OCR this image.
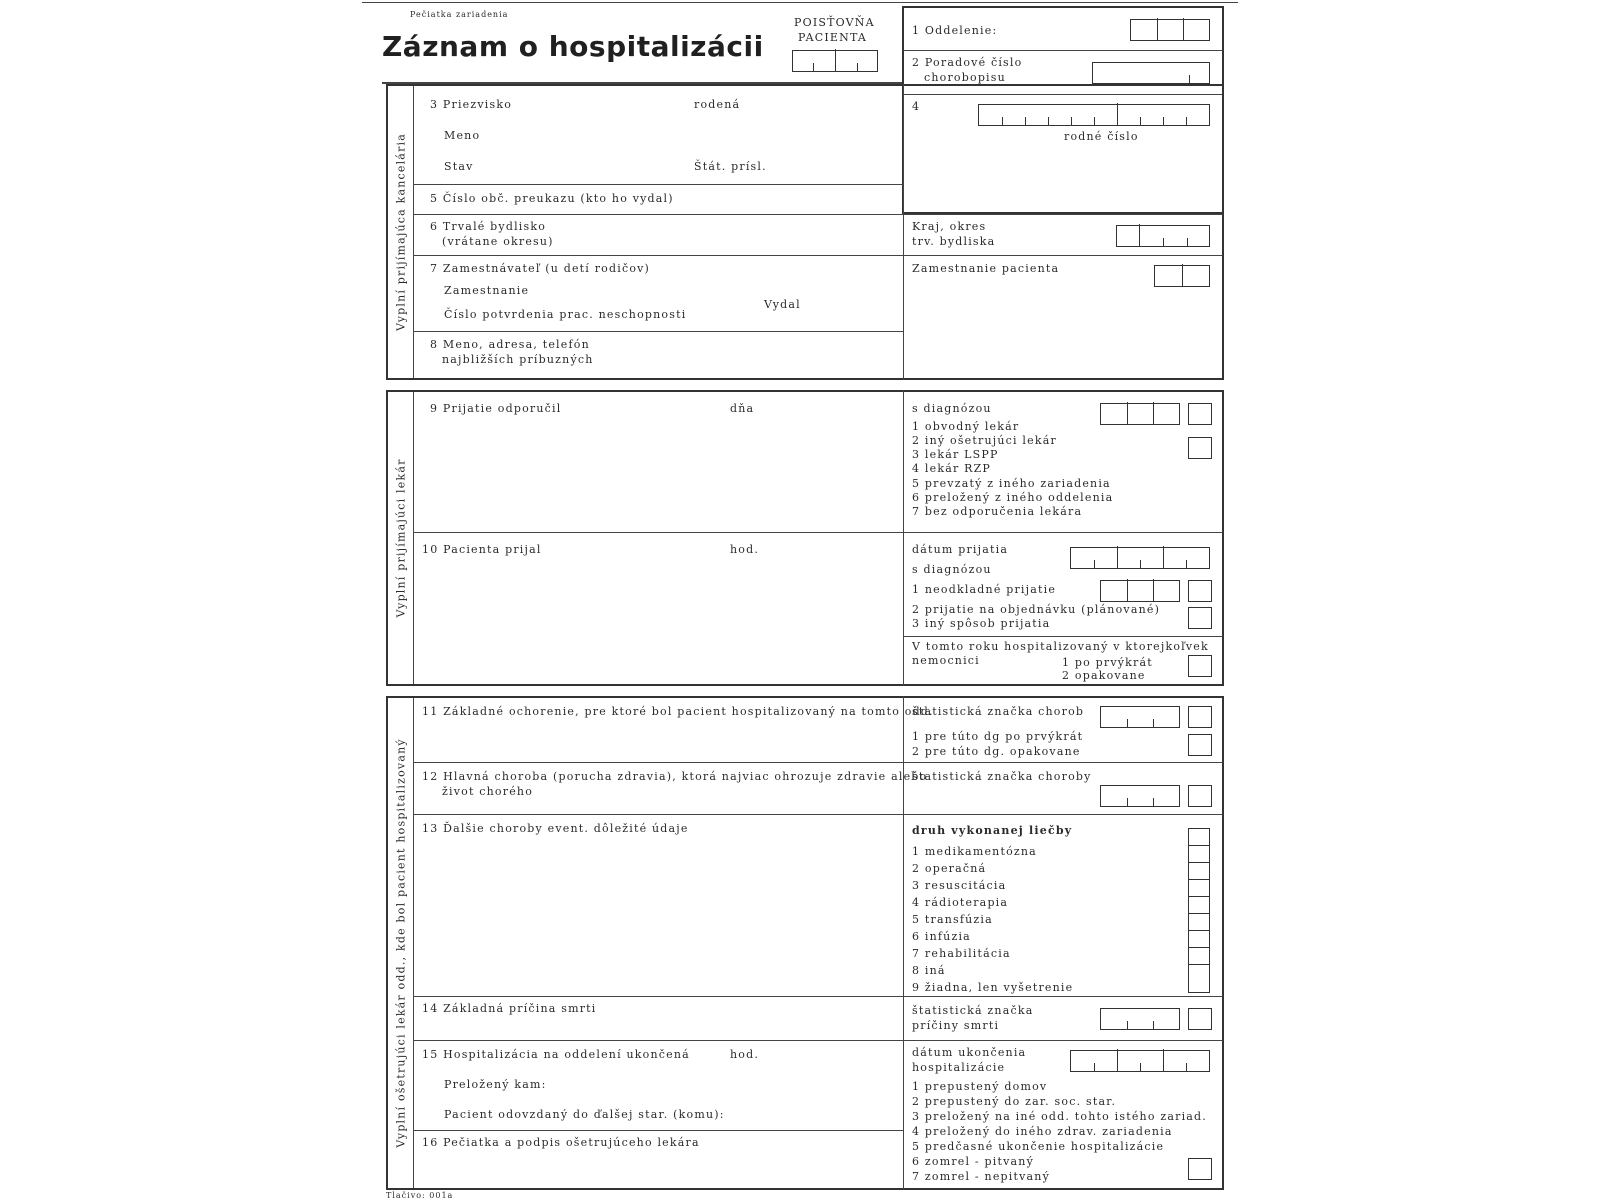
Pečiatka zariadenia
Záznam o hospitalizácii
POISŤOVŇA
PACIENTA
1 Oddelenie:
2 Poradové číslo
chorobopisu
4
rodné číslo
Vyplní prijímajúca kancelária
3 Priezvisko	rodená
Meno
Stav	Štát. prísl.
5 Číslo obč. preukazu (kto ho vydal)
6 Trvalé bydlisko
(vrátane okresu)
Kraj, okres
trv. bydliska
7 Zamestnávateľ (u detí rodičov)	Zamestnanie pacienta
Zamestnanie
Číslo potvrdenia prac. neschopnosti
Vydal
8 Meno, adresa, telefón
najbližších príbuzných
Vyplní prijímajúci lekár
9 Prijatie odporučil	dňa	s diagnózou
1 obvodný lekár
2 iný ošetrujúci lekár
3 lekár LSPP
4 lekár RZP
5 prevzatý z iného zariadenia
6 preložený z iného oddelenia
7 bez odporučenia lekára
10 Pacienta prijal	hod.	dátum prijatia
s diagnózou
1 neodkladné prijatie
2 prijatie na objednávku (plánované)
3 iný spôsob prijatia
V tomto roku hospitalizovaný v ktorejkoľvek
nemocnici	1 po prvýkrát
2 opakovane
Vyplní ošetrujúci lekár odd., kde bol pacient hospitalizovaný
11 Základné ochorenie, pre ktoré bol pacient hospitalizovaný na tomto odd.
štatistická značka chorob
1 pre túto dg po prvýkrát
2 pre túto dg. opakovane
12 Hlavná choroba (porucha zdravia), ktorá najviac ohrozuje zdravie alebo
život chorého
štatistická značka choroby
13 Ďalšie choroby event. dôležité údaje	druh vykonanej liečby
1 medikamentózna
2 operačná
3 resuscitácia
4 rádioterapia
5 transfúzia
6 infúzia
7 rehabilitácia
8 iná
9 žiadna, len vyšetrenie
14 Základná príčina smrti	štatistická značka
príčiny smrti
15 Hospitalizácia na oddelení ukončená	hod.
Preložený kam:
Pacient odovzdaný do ďalšej star. (komu):
dátum ukončenia
hospitalizácie
1 prepustený domov
2 prepustený do zar. soc. star.
3 preložený na iné odd. tohto istého zariad.
4 preložený do iného zdrav. zariadenia
5 predčasné ukončenie hospitalizácie
6 zomrel - pitvaný
7 zomrel - nepitvaný
16 Pečiatka a podpis ošetrujúceho lekára
Tlačivo: 001a
